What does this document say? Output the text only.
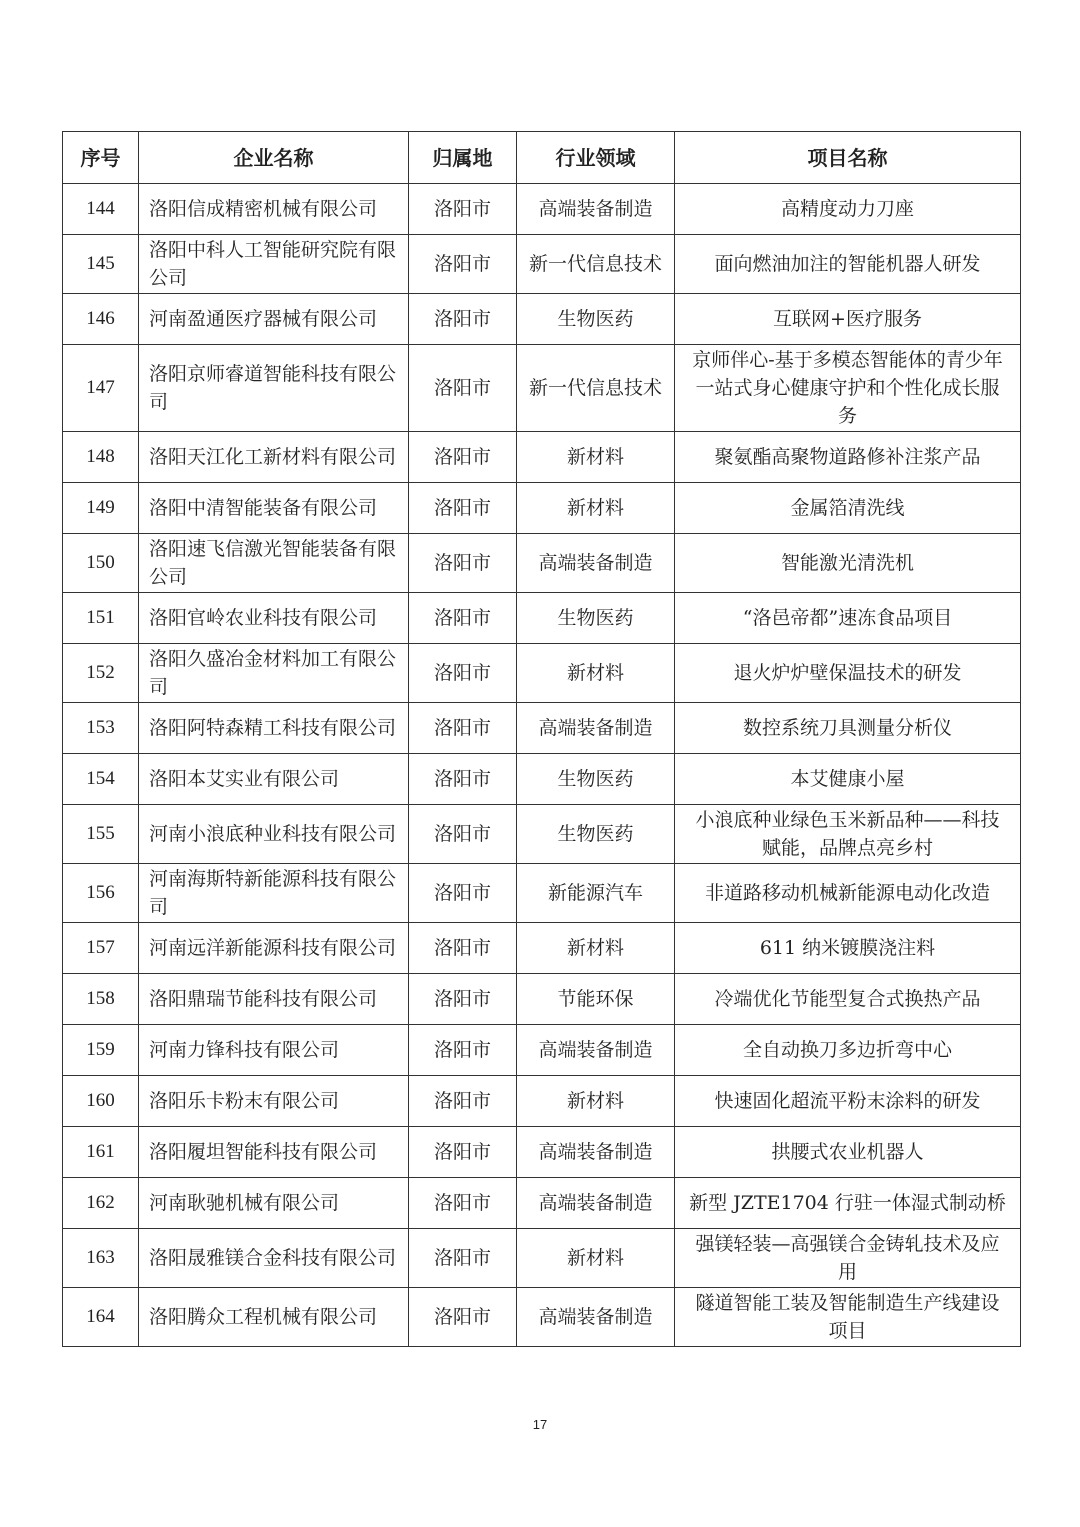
序号	企业名称	归属地	行业领域	项目名称
144	洛阳信成精密机械有限公司	洛阳市	高端装备制造	高精度动力刀座
145	洛阳中科人工智能研究院有限公司	洛阳市	新一代信息技术	面向燃油加注的智能机器人研发
146	河南盈通医疗器械有限公司	洛阳市	生物医药	互联网+医疗服务
147	洛阳京师睿道智能科技有限公司	洛阳市	新一代信息技术	京师伴心-基于多模态智能体的青少年一站式身心健康守护和个性化成长服务
148	洛阳天江化工新材料有限公司	洛阳市	新材料	聚氨酯高聚物道路修补注浆产品
149	洛阳中清智能装备有限公司	洛阳市	新材料	金属箔清洗线
150	洛阳速飞信激光智能装备有限公司	洛阳市	高端装备制造	智能激光清洗机
151	洛阳官岭农业科技有限公司	洛阳市	生物医药	“洛邑帝都”速冻食品项目
152	洛阳久盛冶金材料加工有限公司	洛阳市	新材料	退火炉炉壁保温技术的研发
153	洛阳阿特森精工科技有限公司	洛阳市	高端装备制造	数控系统刀具测量分析仪
154	洛阳本艾实业有限公司	洛阳市	生物医药	本艾健康小屋
155	河南小浪底种业科技有限公司	洛阳市	生物医药	小浪底种业绿色玉米新品种——科技赋能，品牌点亮乡村
156	河南海斯特新能源科技有限公司	洛阳市	新能源汽车	非道路移动机械新能源电动化改造
157	河南远洋新能源科技有限公司	洛阳市	新材料	611 纳米镀膜浇注料
158	洛阳鼎瑞节能科技有限公司	洛阳市	节能环保	冷端优化节能型复合式换热产品
159	河南力锋科技有限公司	洛阳市	高端装备制造	全自动换刀多边折弯中心
160	洛阳乐卡粉末有限公司	洛阳市	新材料	快速固化超流平粉末涂料的研发
161	洛阳履坦智能科技有限公司	洛阳市	高端装备制造	拱腰式农业机器人
162	河南耿驰机械有限公司	洛阳市	高端装备制造	新型 JZTE1704 行驻一体湿式制动桥
163	洛阳晟雅镁合金科技有限公司	洛阳市	新材料	强镁轻装—高强镁合金铸轧技术及应用
164	洛阳腾众工程机械有限公司	洛阳市	高端装备制造	隧道智能工装及智能制造生产线建设项目
17
